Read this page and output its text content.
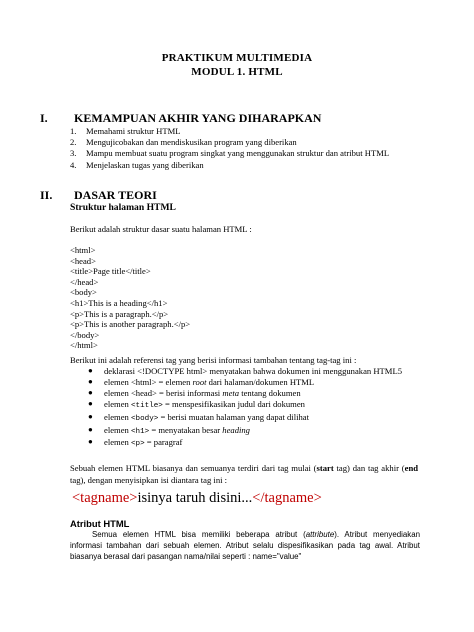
PRAKTIKUM MULTIMEDIA
MODUL 1. HTML
I. KEMAMPUAN AKHIR YANG DIHARAPKAN
1. Memahami struktur HTML
2. Mengujicobakan dan mendiskusikan program yang diberikan
3. Mampu membuat suatu program singkat yang menggunakan struktur dan atribut HTML
4. Menjelaskan tugas yang diberikan
II. DASAR TEORI
Struktur halaman HTML
Berikut adalah struktur dasar suatu halaman HTML :
<html>
<head>
<title>Page title</title>
</head>
<body>
<h1>This is a heading</h1>
<p>This is a paragraph.</p>
<p>This is another paragraph.</p>
</body>
</html>
Berikut ini adalah referensi tag yang berisi informasi tambahan tentang tag-tag ini :
● deklarasi <!DOCTYPE html> menyatakan bahwa dokumen ini menggunakan HTML5
● elemen <html> = elemen root dari halaman/dokumen HTML
● elemen <head> = berisi informasi meta tentang dokumen
● elemen <title> = menspesifikasikan judul dari dokumen
● elemen <body> = berisi muatan halaman yang dapat dilihat
● elemen <h1> = menyatakan besar heading
● elemen <p> = paragraf
Sebuah elemen HTML biasanya dan semuanya terdiri dari tag mulai (start tag) dan tag akhir (end tag), dengan menyisipkan isi diantara tag ini :
<tagname>isinya taruh disini...</tagname>
Atribut HTML
Semua elemen HTML bisa memiliki beberapa atribut (attribute). Atribut menyediakan informasi tambahan dari sebuah elemen. Atribut selalu dispesifikasikan pada tag awal. Atribut biasanya berasal dari pasangan nama/nilai seperti : name="value"
